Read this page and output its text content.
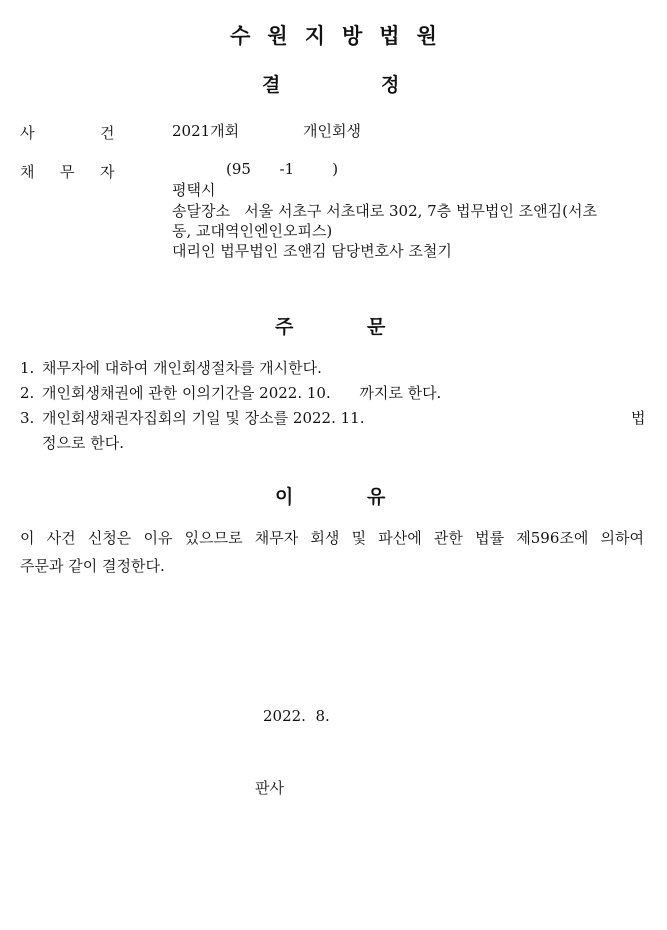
수원지방법원
결	정
사	건	2021개회	개인회생
채 무 자	(95      -1        )
평택시
송달장소   서울 서초구 서초대로 302, 7층 법무법인 조앤김(서초
동, 교대역인엔인오피스)
대리인 법무법인 조앤김 담당변호사 조철기
주	문
1. 채무자에 대하여 개인회생절차를 개시한다.
2. 개인회생채권에 관한 이의기간을 2022. 10.      까지로 한다.
3. 개인회생채권자집회의 기일 및 장소를 2022. 11.	법
정으로 한다.
이	유
이 사건 신청은 이유 있으므로 채무자 회생 및 파산에 관한 법률 제596조에 의하여
주문과 같이 결정한다.
2022.  8.
판사
